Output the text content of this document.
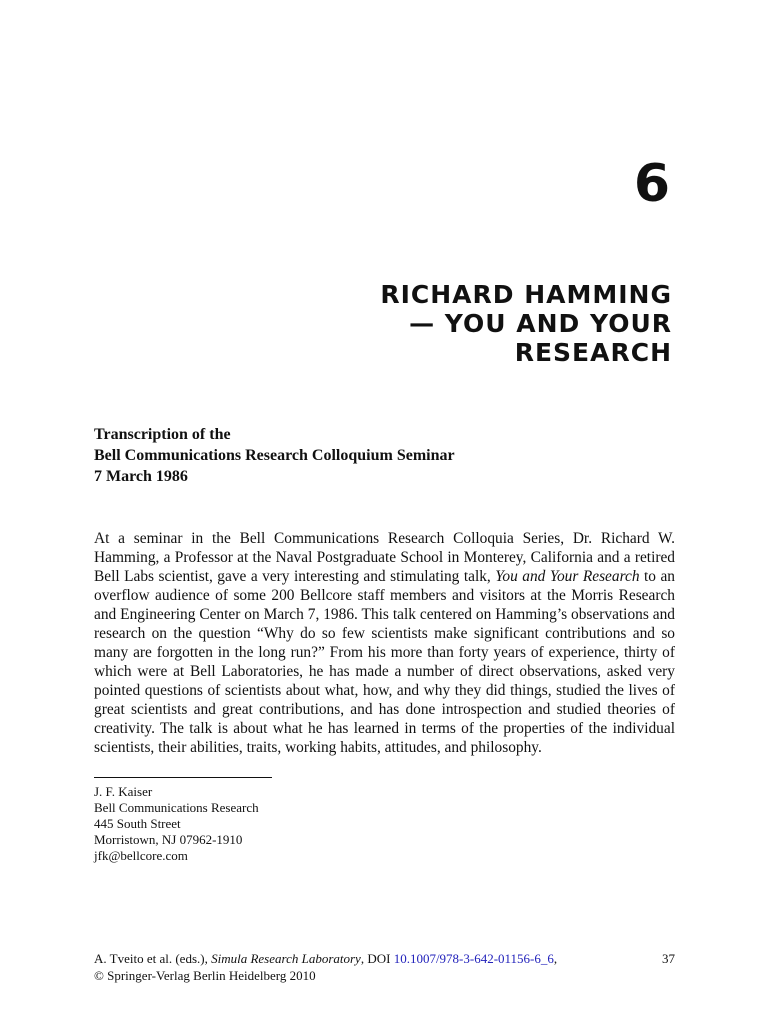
6
RICHARD HAMMING
— YOU AND YOUR
RESEARCH

Transcription of the
Bell Communications Research Colloquium Seminar
7 March 1986

At a seminar in the Bell Communications Research Colloquia Series, Dr. Richard W. Hamming, a Professor at the Naval Postgraduate School in Monterey, California and a retired Bell Labs scientist, gave a very interesting and stimulating talk, You and Your Research to an overflow audience of some 200 Bellcore staff members and visitors at the Morris Research and Engineering Center on March 7, 1986. This talk centered on Hamming’s observations and research on the question “Why do so few scientists make significant contributions and so many are forgotten in the long run?” From his more than forty years of experience, thirty of which were at Bell Laboratories, he has made a number of direct observations, asked very pointed questions of scientists about what, how, and why they did things, studied the lives of great scientists and great contributions, and has done introspection and studied theories of creativity. The talk is about what he has learned in terms of the properties of the individual scientists, their abilities, traits, working habits, attitudes, and philosophy.

J. F. Kaiser
Bell Communications Research
445 South Street
Morristown, NJ 07962-1910
jfk@bellcore.com

A. Tveito et al. (eds.), Simula Research Laboratory, DOI 10.1007/978-3-642-01156-6_6,	37
© Springer-Verlag Berlin Heidelberg 2010
